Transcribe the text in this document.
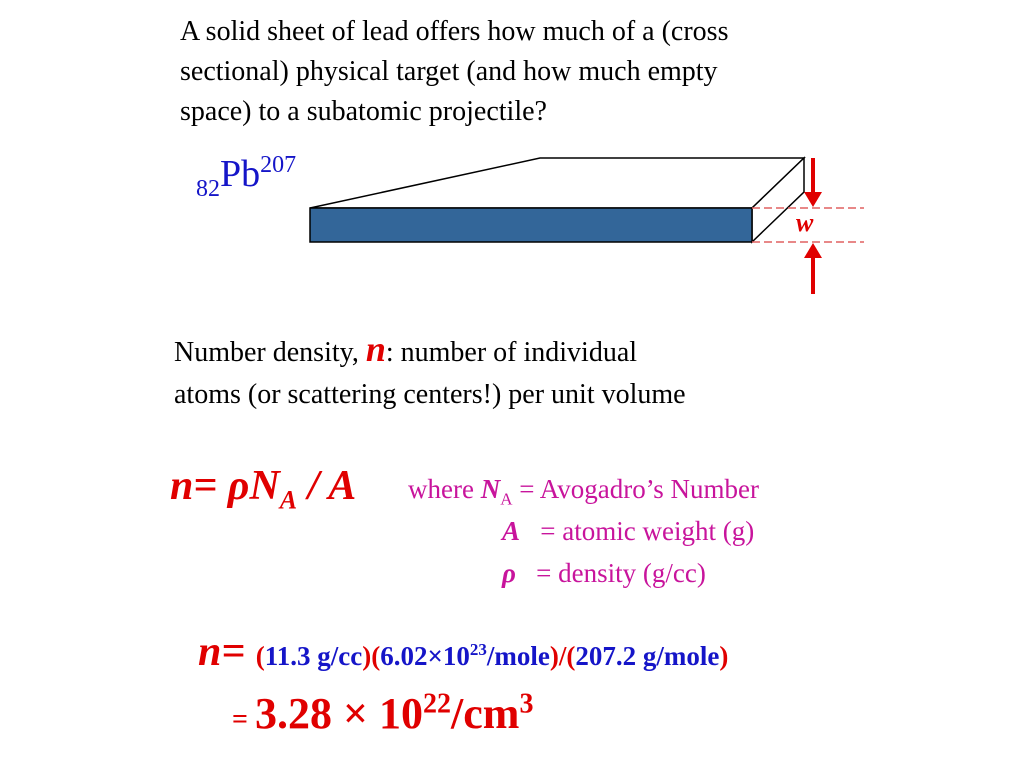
A solid sheet of lead offers how much of a (cross
sectional) physical target (and how much empty
space) to a subatomic projectile?
$_{82}Pb^{207}$
w
Number density, n: number of individual
atoms (or scattering centers!) per unit volume
$n= \rho N_A / A$ where $N_A$ = Avogadro’s Number
A   = atomic weight (g)
ρ   = density (g/cc)
n= (11.3 $g/cc)(6.02\times 10^{23}/mole)/(207.2$ g/mole)
= $3.28 \times 10^{22}/cm^3$
